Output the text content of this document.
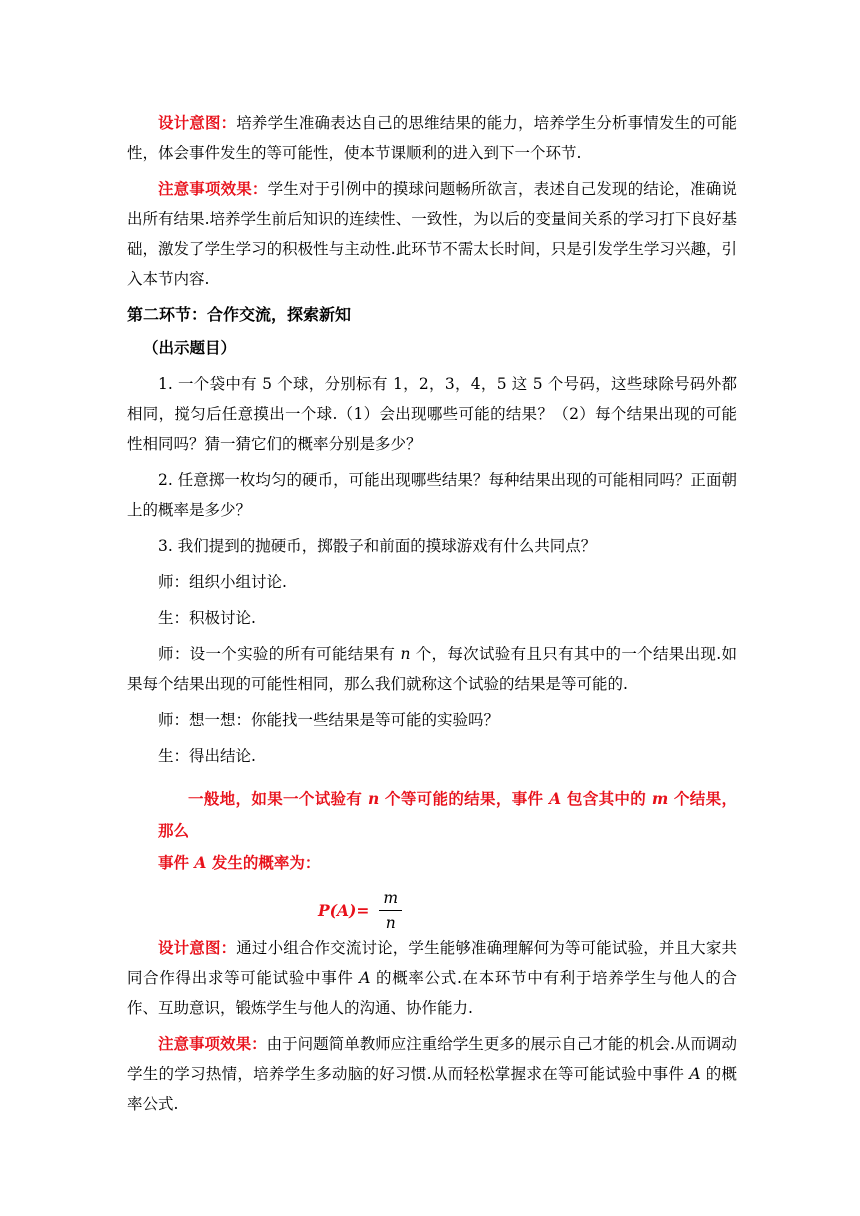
设计意图：培养学生准确表达自己的思维结果的能力，培养学生分析事情发生的可能性，体会事件发生的等可能性，使本节课顺利的进入到下一个环节.

注意事项效果：学生对于引例中的摸球问题畅所欲言，表述自己发现的结论，准确说出所有结果.培养学生前后知识的连续性、一致性，为以后的变量间关系的学习打下良好基础，激发了学生学习的积极性与主动性.此环节不需太长时间，只是引发学生学习兴趣，引入本节内容.

第二环节：合作交流，探索新知

（出示题目）

1. 一个袋中有 5 个球，分别标有 1，2，3，4，5 这 5 个号码，这些球除号码外都相同，搅匀后任意摸出一个球.（1）会出现哪些可能的结果？（2）每个结果出现的可能性相同吗？猜一猜它们的概率分别是多少？

2. 任意掷一枚均匀的硬币，可能出现哪些结果？每种结果出现的可能相同吗？正面朝上的概率是多少？

3. 我们提到的抛硬币，掷骰子和前面的摸球游戏有什么共同点？

师：组织小组讨论.

生：积极讨论.

师：设一个实验的所有可能结果有 n 个，每次试验有且只有其中的一个结果出现.如果每个结果出现的可能性相同，那么我们就称这个试验的结果是等可能的.

师：想一想：你能找一些结果是等可能的实验吗？

生：得出结论.

一般地，如果一个试验有 n 个等可能的结果，事件 A 包含其中的 m 个结果，那么
事件 A 发生的概率为：

$P(A)= \frac{m}{n}$

设计意图：通过小组合作交流讨论，学生能够准确理解何为等可能试验，并且大家共同合作得出求等可能试验中事件 A 的概率公式.在本环节中有利于培养学生与他人的合作、互助意识，锻炼学生与他人的沟通、协作能力.

注意事项效果：由于问题简单教师应注重给学生更多的展示自己才能的机会.从而调动学生的学习热情，培养学生多动脑的好习惯.从而轻松掌握求在等可能试验中事件 A 的概率公式.
